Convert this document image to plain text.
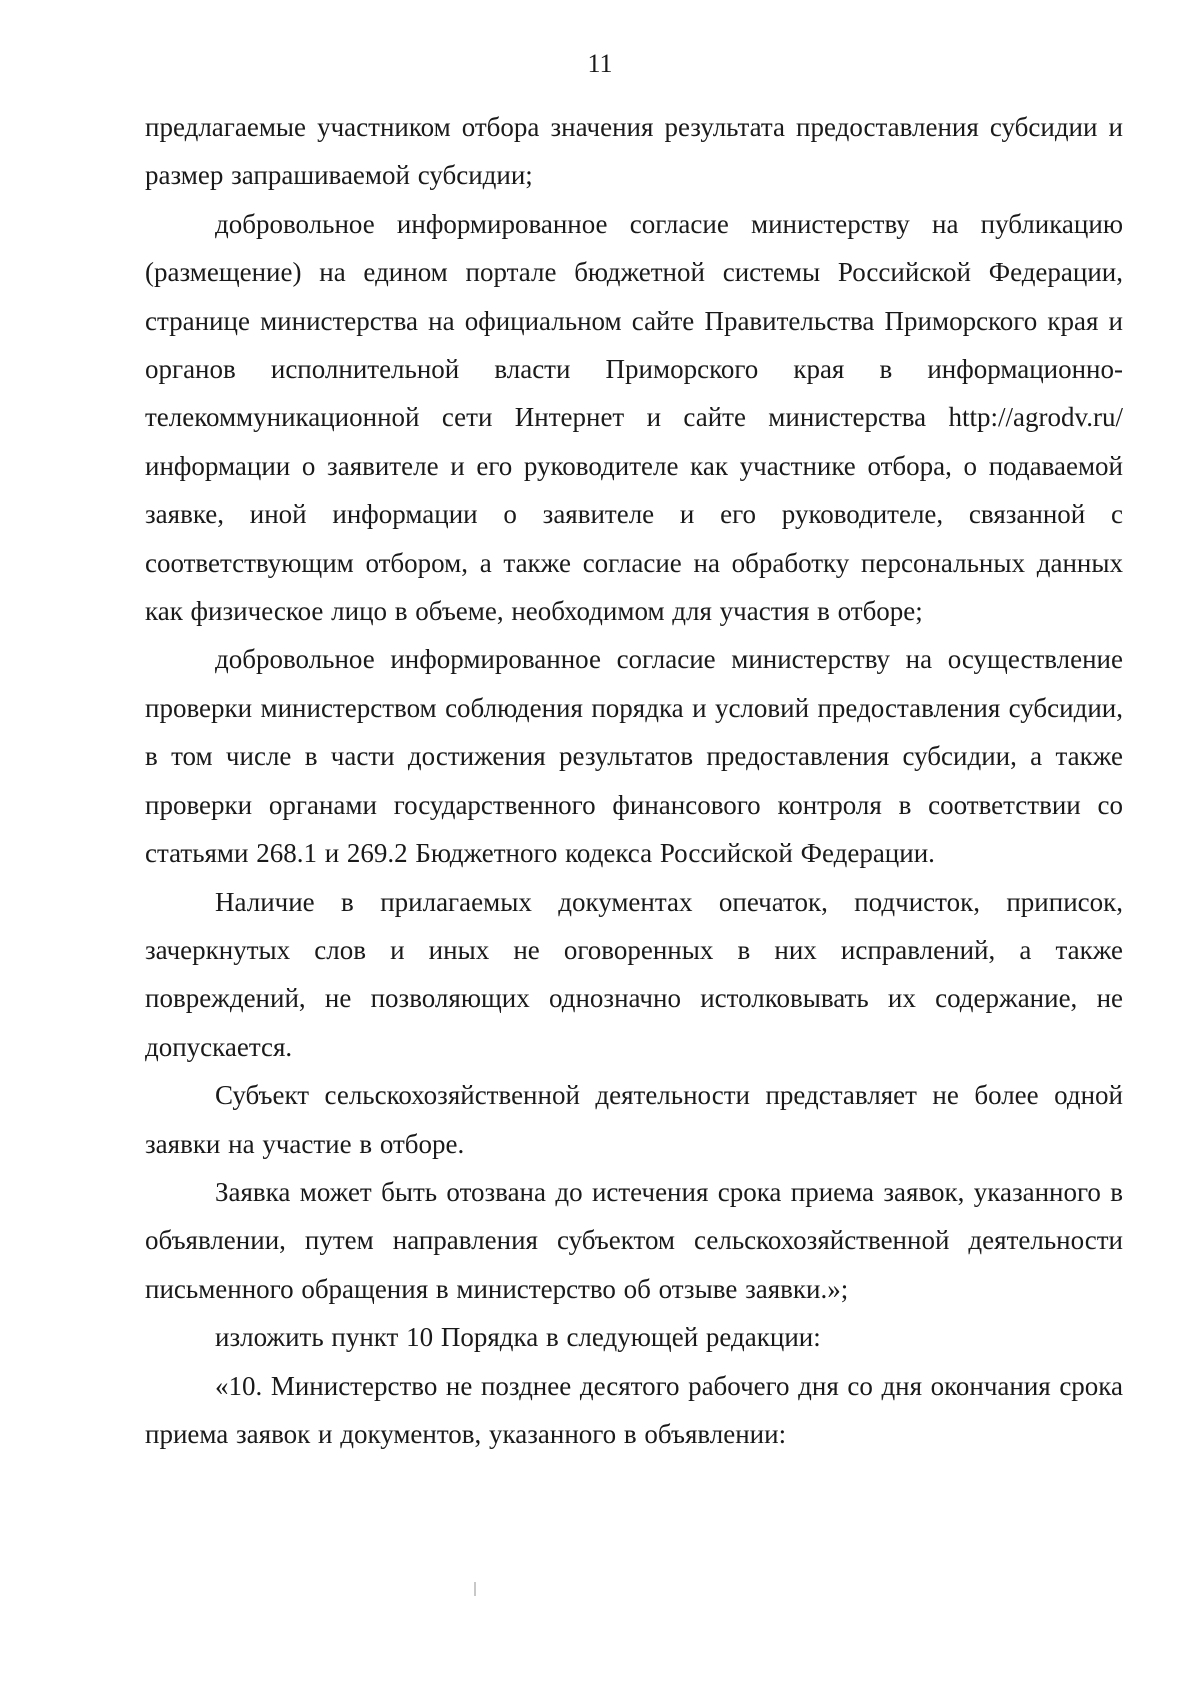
11

предлагаемые участником отбора значения результата предоставления субсидии и размер запрашиваемой субсидии;

добровольное информированное согласие министерству на публикацию (размещение) на едином портале бюджетной системы Российской Федерации, странице министерства на официальном сайте Правительства Приморского края и органов исполнительной власти Приморского края в информационно-телекоммуникационной сети Интернет и сайте министерства http://agrodv.ru/ информации о заявителе и его руководителе как участнике отбора, о подаваемой заявке, иной информации о заявителе и его руководителе, связанной с соответствующим отбором, а также согласие на обработку персональных данных как физическое лицо в объеме, необходимом для участия в отборе;

добровольное информированное согласие министерству на осуществление проверки министерством соблюдения порядка и условий предоставления субсидии, в том числе в части достижения результатов предоставления субсидии, а также проверки органами государственного финансового контроля в соответствии со статьями 268.1 и 269.2 Бюджетного кодекса Российской Федерации.

Наличие в прилагаемых документах опечаток, подчисток, приписок, зачеркнутых слов и иных не оговоренных в них исправлений, а также повреждений, не позволяющих однозначно истолковывать их содержание, не допускается.

Субъект сельскохозяйственной деятельности представляет не более одной заявки на участие в отборе.

Заявка может быть отозвана до истечения срока приема заявок, указанного в объявлении, путем направления субъектом сельскохозяйственной деятельности письменного обращения в министерство об отзыве заявки.»;

изложить пункт 10 Порядка в следующей редакции:

«10. Министерство не позднее десятого рабочего дня со дня окончания срока приема заявок и документов, указанного в объявлении:
